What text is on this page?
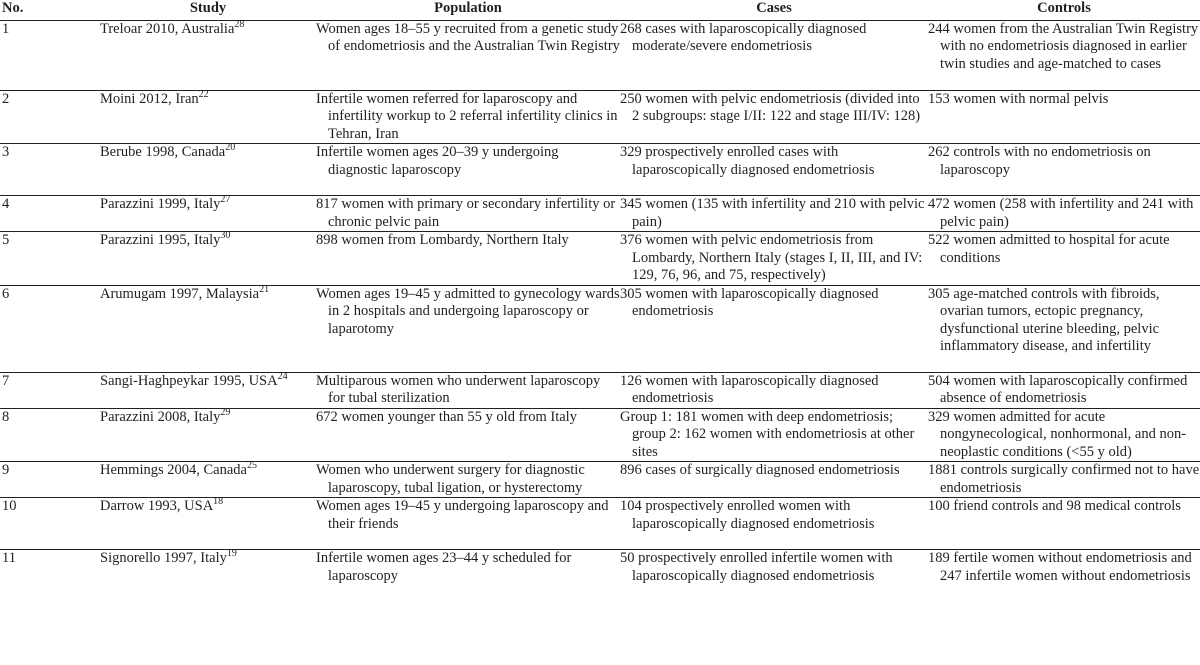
No.	Study	Population	Cases	Controls
1	Treloar 2010, Australia$^{28}$	Women ages 18–55 y recruited from a genetic study of endometriosis and the Australian Twin Registry	268 cases with laparoscopically diagnosed moderate/severe endometriosis	244 women from the Australian Twin Registry with no endometriosis diagnosed in earlier twin studies and age-matched to cases
2	Moini 2012, Iran$^{22}$	Infertile women referred for laparoscopy and infertility workup to 2 referral infertility clinics in Tehran, Iran	250 women with pelvic endometriosis (divided into 2 subgroups: stage I/II: 122 and stage III/IV: 128)	153 women with normal pelvis
3	Berube 1998, Canada$^{20}$	Infertile women ages 20–39 y undergoing diagnostic laparoscopy	329 prospectively enrolled cases with laparoscopically diagnosed endometriosis	262 controls with no endometriosis on laparoscopy
4	Parazzini 1999, Italy$^{27}$	817 women with primary or secondary infertility or chronic pelvic pain	345 women (135 with infertility and 210 with pelvic pain)	472 women (258 with infertility and 241 with pelvic pain)
5	Parazzini 1995, Italy$^{30}$	898 women from Lombardy, Northern Italy	376 women with pelvic endometriosis from Lombardy, Northern Italy (stages I, II, III, and IV: 129, 76, 96, and 75, respectively)	522 women admitted to hospital for acute conditions
6	Arumugam 1997, Malaysia$^{21}$	Women ages 19–45 y admitted to gynecology wards in 2 hospitals and undergoing laparoscopy or laparotomy	305 women with laparoscopically diagnosed endometriosis	305 age-matched controls with fibroids, ovarian tumors, ectopic pregnancy, dysfunctional uterine bleeding, pelvic inflammatory disease, and infertility
7	Sangi-Haghpeykar 1995, USA$^{24}$	Multiparous women who underwent laparoscopy for tubal sterilization	126 women with laparoscopically diagnosed endometriosis	504 women with laparoscopically confirmed absence of endometriosis
8	Parazzini 2008, Italy$^{29}$	672 women younger than 55 y old from Italy	Group 1: 181 women with deep endometriosis; group 2: 162 women with endometriosis at other sites	329 women admitted for acute nongynecological, nonhormonal, and non-neoplastic conditions (<55 y old)
9	Hemmings 2004, Canada$^{25}$	Women who underwent surgery for diagnostic laparoscopy, tubal ligation, or hysterectomy	896 cases of surgically diagnosed endometriosis	1881 controls surgically confirmed not to have endometriosis
10	Darrow 1993, USA$^{18}$	Women ages 19–45 y undergoing laparoscopy and their friends	104 prospectively enrolled women with laparoscopically diagnosed endometriosis	100 friend controls and 98 medical controls
11	Signorello 1997, Italy$^{19}$	Infertile women ages 23–44 y scheduled for laparoscopy	50 prospectively enrolled infertile women with laparoscopically diagnosed endometriosis	189 fertile women without endometriosis and 247 infertile women without endometriosis
